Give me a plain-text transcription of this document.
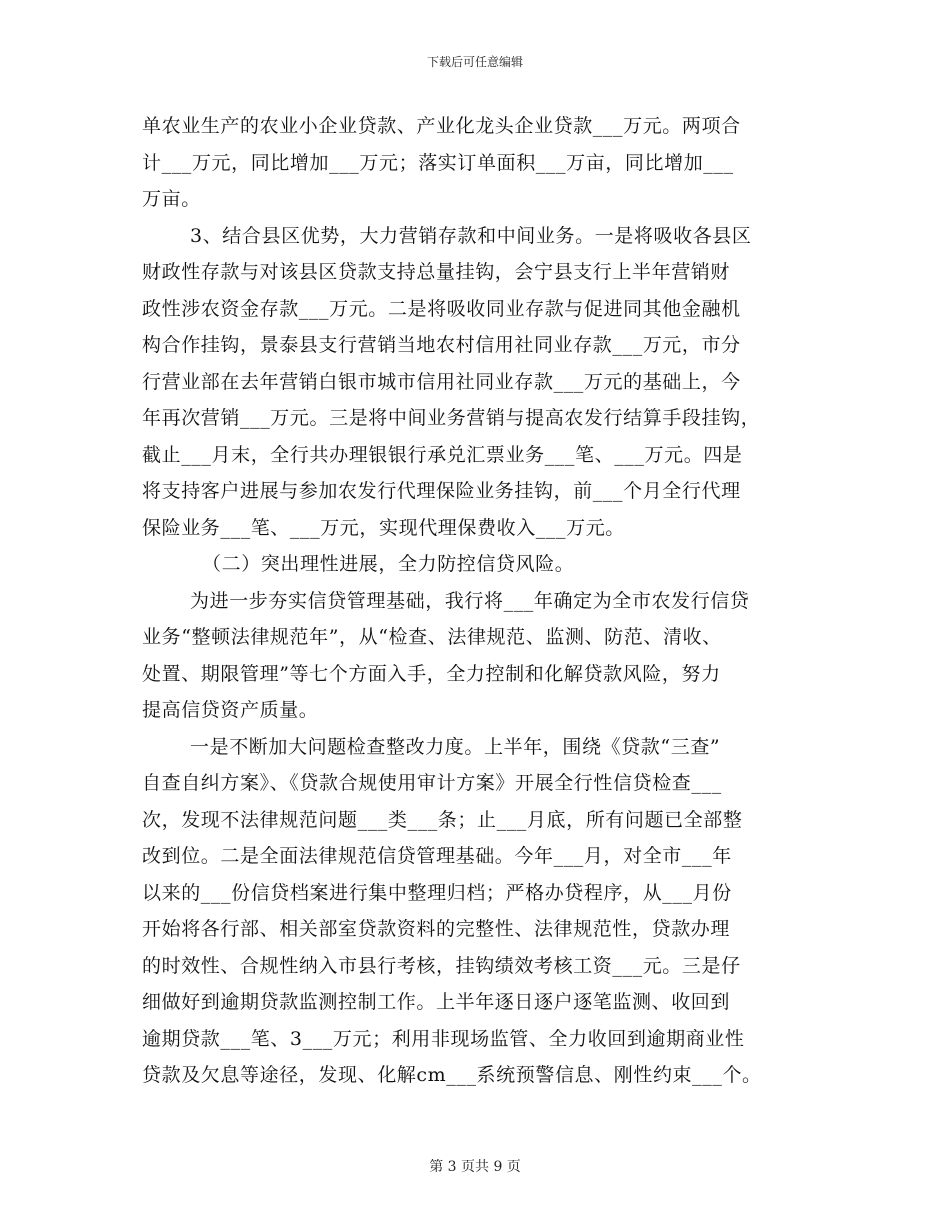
下载后可任意编辑
单农业生产的农业小企业贷款、产业化龙头企业贷款___万元。两项合
计___万元，同比增加___万元；落实订单面积___万亩，同比增加___
万亩。
3、结合县区优势，大力营销存款和中间业务。一是将吸收各县区
财政性存款与对该县区贷款支持总量挂钩，会宁县支行上半年营销财
政性涉农资金存款___万元。二是将吸收同业存款与促进同其他金融机
构合作挂钩，景泰县支行营销当地农村信用社同业存款___万元，市分
行营业部在去年营销白银市城市信用社同业存款___万元的基础上，今
年再次营销___万元。三是将中间业务营销与提高农发行结算手段挂钩，
截止___月末，全行共办理银银行承兑汇票业务___笔、___万元。四是
将支持客户进展与参加农发行代理保险业务挂钩，前___个月全行代理
保险业务___笔、___万元，实现代理保费收入___万元。
（二）突出理性进展，全力防控信贷风险。
为进一步夯实信贷管理基础，我行将___年确定为全市农发行信贷
业务“整顿法律规范年”，从“检查、法律规范、监测、防范、清收、
处置、期限管理”等七个方面入手，全力控制和化解贷款风险，努力
提高信贷资产质量。
一是不断加大问题检查整改力度。上半年，围绕《贷款“三查”
自查自纠方案》、《贷款合规使用审计方案》开展全行性信贷检查___
次，发现不法律规范问题___类___条；止___月底，所有问题已全部整
改到位。二是全面法律规范信贷管理基础。今年___月，对全市___年
以来的___份信贷档案进行集中整理归档；严格办贷程序，从___月份
开始将各行部、相关部室贷款资料的完整性、法律规范性，贷款办理
的时效性、合规性纳入市县行考核，挂钩绩效考核工资___元。三是仔
细做好到逾期贷款监测控制工作。上半年逐日逐户逐笔监测、收回到
逾期贷款___笔、3___万元；利用非现场监管、全力收回到逾期商业性
贷款及欠息等途径，发现、化解cm___系统预警信息、刚性约束___个。
第 3 页共 9 页
